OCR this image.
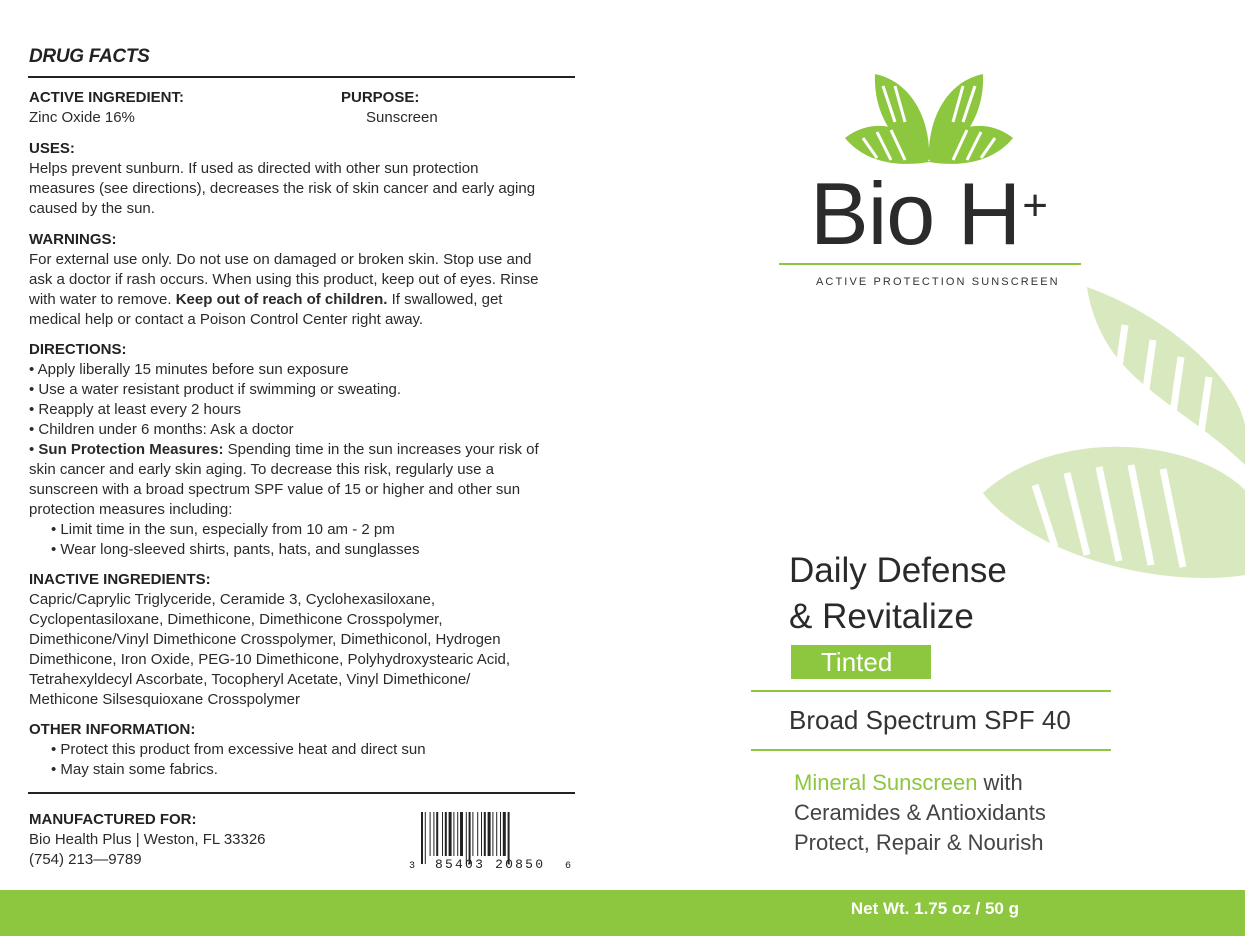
DRUG FACTS
ACTIVE INGREDIENT:
Zinc Oxide 16%
PURPOSE:
Sunscreen
USES:

Helps prevent sunburn. If used as directed with other sun protection

measures (see directions), decreases the risk of skin cancer and early aging

caused by the sun.

WARNINGS:

For external use only. Do not use on damaged or broken skin. Stop use and

ask a doctor if rash occurs. When using this product, keep out of eyes. Rinse

with water to remove. Keep out of reach of children. If swallowed, get

medical help or contact a Poison Control Center right away.

DIRECTIONS:

• Apply liberally 15 minutes before sun exposure

• Use a water resistant product if swimming or sweating.

• Reapply at least every 2 hours

• Children under 6 months: Ask a doctor

• Sun Protection Measures: Spending time in the sun increases your risk of

skin cancer and early skin aging. To decrease this risk, regularly use a

sunscreen with a broad spectrum SPF value of 15 or higher and other sun

protection measures including:

• Limit time in the sun, especially from 10 am - 2 pm

• Wear long-sleeved shirts, pants, hats, and sunglasses

INACTIVE INGREDIENTS:

Capric/Caprylic Triglyceride, Ceramide 3, Cyclohexasiloxane,

Cyclopentasiloxane, Dimethicone, Dimethicone Crosspolymer,

Dimethicone/Vinyl Dimethicone Crosspolymer, Dimethiconol, Hydrogen

Dimethicone, Iron Oxide, PEG-10 Dimethicone, Polyhydroxystearic Acid,

Tetrahexyldecyl Ascorbate, Tocopheryl Acetate, Vinyl Dimethicone/

Methicone Silsesquioxane Crosspolymer

OTHER INFORMATION:

• Protect this product from excessive heat and direct sun

• May stain some fabrics.

MANUFACTURED FOR:

Bio Health Plus | Weston, FL 33326

(754) 213—9789	3 85403 20850 6
Bio H+
ACTIVE PROTECTION SUNSCREEN
Daily Defense
& Revitalize
Tinted
Broad Spectrum SPF 40
Mineral Sunscreen with
Ceramides & Antioxidants
Protect, Repair & Nourish
Net Wt. 1.75 oz / 50 g
